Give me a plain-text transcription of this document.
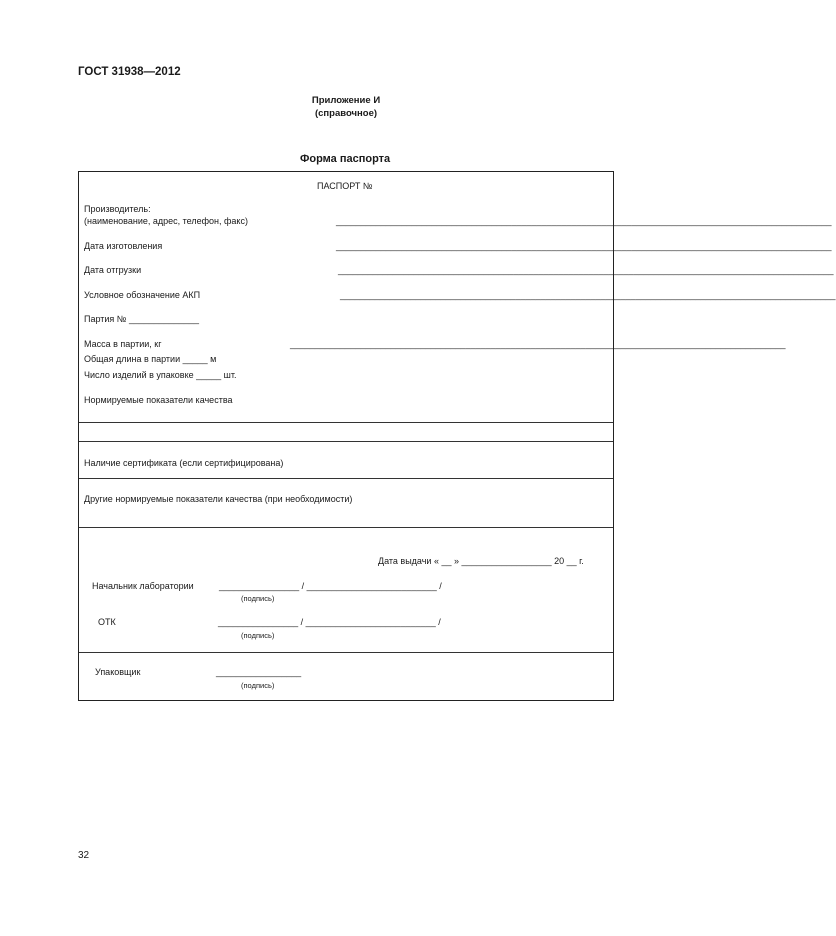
ГОСТ 31938—2012
Приложение И
(справочное)
Форма паспорта
ПАСПОРТ №
Производитель:
(наименование, адрес, телефон, факс)	___________________________________________________________________________________________________
Дата изготовления	___________________________________________________________________________________________________
Дата отгрузки	___________________________________________________________________________________________________
Условное обозначение АКП	___________________________________________________________________________________________________
Партия № ______________
Масса в партии, кг	___________________________________________________________________________________________________
Общая длина в партии _____ м
Число изделий в упаковке _____ шт.
Нормируемые показатели качества
Наличие сертификата (если сертифицирована)
Другие нормируемые показатели качества (при необходимости)
Дата выдачи « __ » __________________ 20 __ г.
Начальник лаборатории	________________ / __________________________ /
(подпись)
ОТК	________________ / __________________________ /
(подпись)
Упаковщик	_________________
(подпись)
32
